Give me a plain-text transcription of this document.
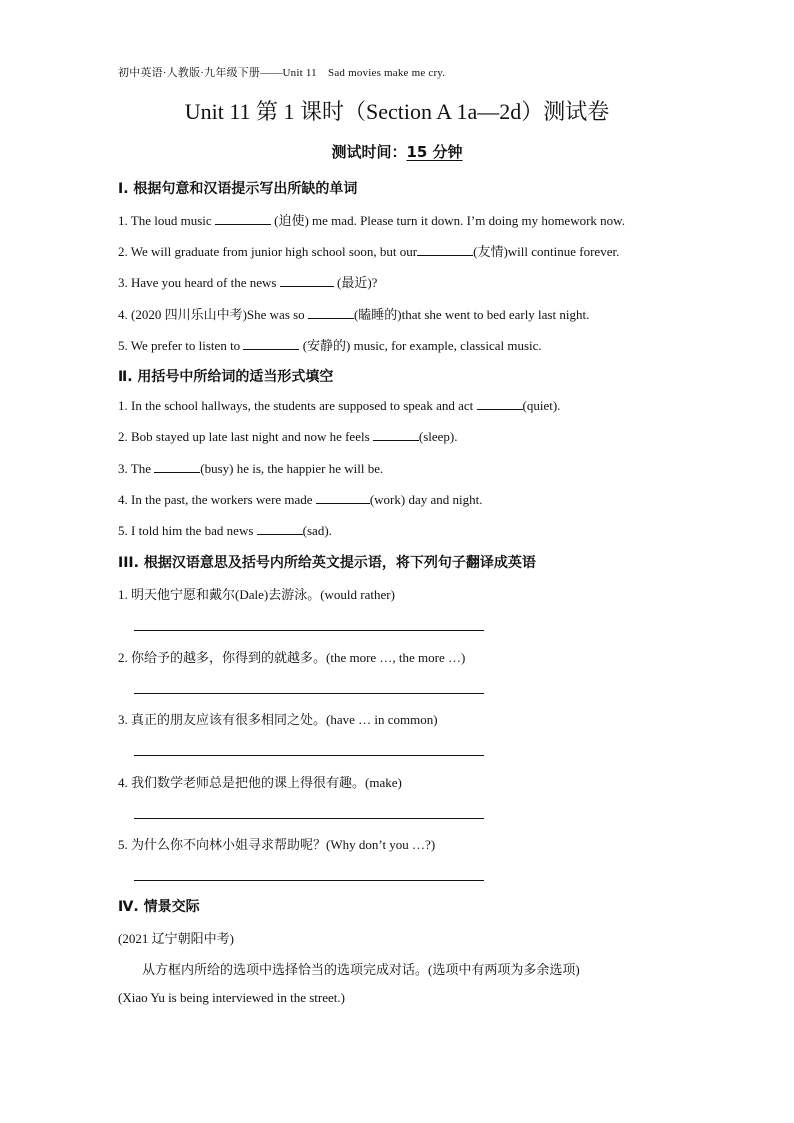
初中英语·人教版·九年级下册——Unit 11　Sad movies make me cry.
Unit 11 第 1 课时（Section A 1a—2d）测试卷
测试时间：15 分钟
Ⅰ. 根据句意和汉语提示写出所缺的单词
1. The loud music	(迫使) me mad. Please turn it down. I’m doing my homework now.
2. We will graduate from junior high school soon, but our	(友情)will continue forever.
3. Have you heard of the news	(最近)?
4. (2020 四川乐山中考)She was so	(瞌睡的)that she went to bed early last night.
5. We prefer to listen to	(安静的) music, for example, classical music.
Ⅱ. 用括号中所给词的适当形式填空
1. In the school hallways, the students are supposed to speak and act	(quiet).
2. Bob stayed up late last night and now he feels	(sleep).
3. The	(busy) he is, the happier he will be.
4. In the past, the workers were made	(work) day and night.
5. I told him the bad news	(sad).
III. 根据汉语意思及括号内所给英文提示语，将下列句子翻译成英语
1. 明天他宁愿和戴尔(Dale)去游泳。(would rather)
2. 你给予的越多，你得到的就越多。(the more …, the more …)
3. 真正的朋友应该有很多相同之处。(have … in common)
4. 我们数学老师总是把他的课上得很有趣。(make)
5. 为什么你不向林小姐寻求帮助呢？(Why don’t you …?)
Ⅳ. 情景交际
(2021 辽宁朝阳中考)
从方框内所给的选项中选择恰当的选项完成对话。(选项中有两项为多余选项)
(Xiao Yu is being interviewed in the street.)
